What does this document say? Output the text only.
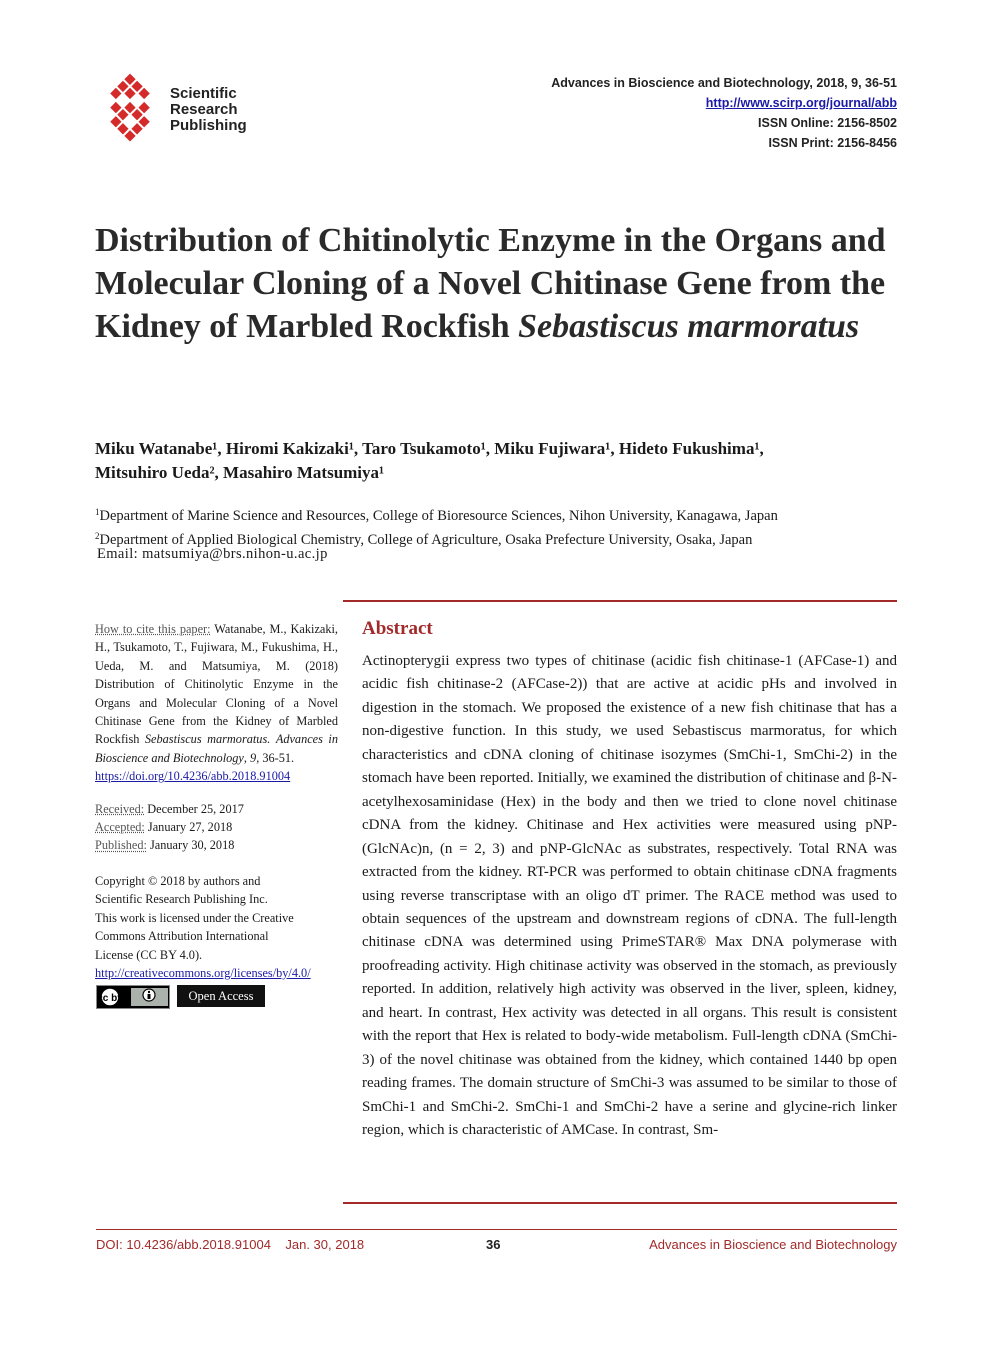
Scientific
Research
Publishing
Advances in Bioscience and Biotechnology, 2018, 9, 36-51
http://www.scirp.org/journal/abb
ISSN Online: 2156-8502
ISSN Print: 2156-8456
Distribution of Chitinolytic Enzyme in the Organs and Molecular Cloning of a Novel Chitinase Gene from the Kidney of Marbled Rockfish Sebastiscus marmoratus
Miku Watanabe¹, Hiromi Kakizaki¹, Taro Tsukamoto¹, Miku Fujiwara¹, Hideto Fukushima¹,
Mitsuhiro Ueda², Masahiro Matsumiya¹
$^1$Department of Marine Science and Resources, College of Bioresource Sciences, Nihon University, Kanagawa, Japan
$^2$Department of Applied Biological Chemistry, College of Agriculture, Osaka Prefecture University, Osaka, Japan
Email: matsumiya@brs.nihon-u.ac.jp
How to cite this paper: Watanabe, M., Kakizaki, H., Tsukamoto, T., Fujiwara, M., Fukushima, H., Ueda, M. and Matsumiya, M. (2018) Distribution of Chitinolytic Enzyme in the Organs and Molecular Cloning of a Novel Chitinase Gene from the Kidney of Marbled Rockfish Sebastiscus marmoratus. Advances in Bioscience and Biotechnology, 9, 36-51.
https://doi.org/10.4236/abb.2018.91004
Received: December 25, 2017
Accepted: January 27, 2018
Published: January 30, 2018
Copyright © 2018 by authors and
Scientific Research Publishing Inc.
This work is licensed under the Creative
Commons Attribution International
License (CC BY 4.0).
http://creativecommons.org/licenses/by/4.0/
cc by	Open Access
Abstract
Actinopterygii express two types of chitinase (acidic fish chitinase-1 (AFCase-1) and acidic fish chitinase-2 (AFCase-2)) that are active at acidic pHs and involved in digestion in the stomach. We proposed the existence of a new fish chitinase that has a non-digestive function. In this study, we used Sebastiscus marmoratus, for which characteristics and cDNA cloning of chitinase isozymes (SmChi-1, SmChi-2) in the stomach have been reported. Initially, we examined the distribution of chitinase and β-N-acetylhexosaminidase (Hex) in the body and then we tried to clone novel chitinase cDNA from the kidney. Chitinase and Hex activities were measured using pNP-(GlcNAc)n, (n = 2, 3) and pNP-GlcNAc as substrates, respectively. Total RNA was extracted from the kidney. RT-PCR was performed to obtain chitinase cDNA fragments using reverse transcriptase with an oligo dT primer. The RACE method was used to obtain sequences of the upstream and downstream regions of cDNA. The full-length chitinase cDNA was determined using PrimeSTAR® Max DNA polymerase with proofreading activity. High chitinase activity was observed in the stomach, as previously reported. In addition, relatively high activity was observed in the liver, spleen, kidney, and heart. In contrast, Hex activity was detected in all organs. This result is consistent with the report that Hex is related to body-wide metabolism. Full-length cDNA (SmChi-3) of the novel chitinase was obtained from the kidney, which contained 1440 bp open reading frames. The domain structure of SmChi-3 was assumed to be similar to those of SmChi-1 and SmChi-2. SmChi-1 and SmChi-2 have a serine and glycine-rich linker region, which is characteristic of AMCase. In contrast, Sm-
DOI: 10.4236/abb.2018.91004    Jan. 30, 2018	36	Advances in Bioscience and Biotechnology
